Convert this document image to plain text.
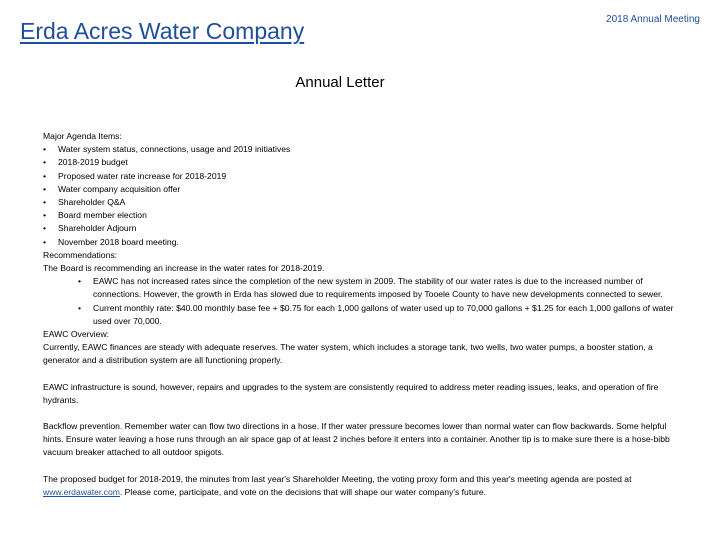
Erda Acres Water Company	2018 Annual Meeting
Annual Letter
Major Agenda Items:
• Water system status, connections, usage and 2019 initiatives
• 2018-2019 budget
• Proposed water rate increase for 2018-2019
• Water company acquisition offer
• Shareholder Q&A
• Board member election
• Shareholder Adjourn
• November 2018 board meeting.
Recommendations:
The Board is recommending an increase in the water rates for 2018-2019.
• EAWC has not increased rates since the completion of the new system in 2009. The stability of our water rates is due to the increased number of connections. However, the growth in Erda has slowed due to requirements imposed by Tooele County to have new developments connected to sewer.
• Current monthly rate: $40.00 monthly base fee + $0.75 for each 1,000 gallons of water used up to 70,000 gallons + $1.25 for each 1,000 gallons of water used over 70,000.
EAWC Overview:

Currently, EAWC finances are steady with adequate reserves. The water system, which includes a storage tank, two wells, two water pumps, a booster station, a generator and a distribution system are all functioning properly.

EAWC infrastructure is sound, however, repairs and upgrades to the system are consistently required to address meter reading issues, leaks, and operation of fire hydrants.

Backflow prevention. Remember water can flow two directions in a hose. If ther water pressure becomes lower than normal water can flow backwards. Some helpful hints. Ensure water leaving a hose runs through an air space gap of at least 2 inches before it enters into a container. Another tip is to make sure there is a hose-bibb vacuum breaker attached to all outdoor spigots.

The proposed budget for 2018-2019, the minutes from last year's Shareholder Meeting, the voting proxy form and this year's meeting agenda are posted at www.erdawater.com. Please come, participate, and vote on the decisions that will shape our water company's future.
